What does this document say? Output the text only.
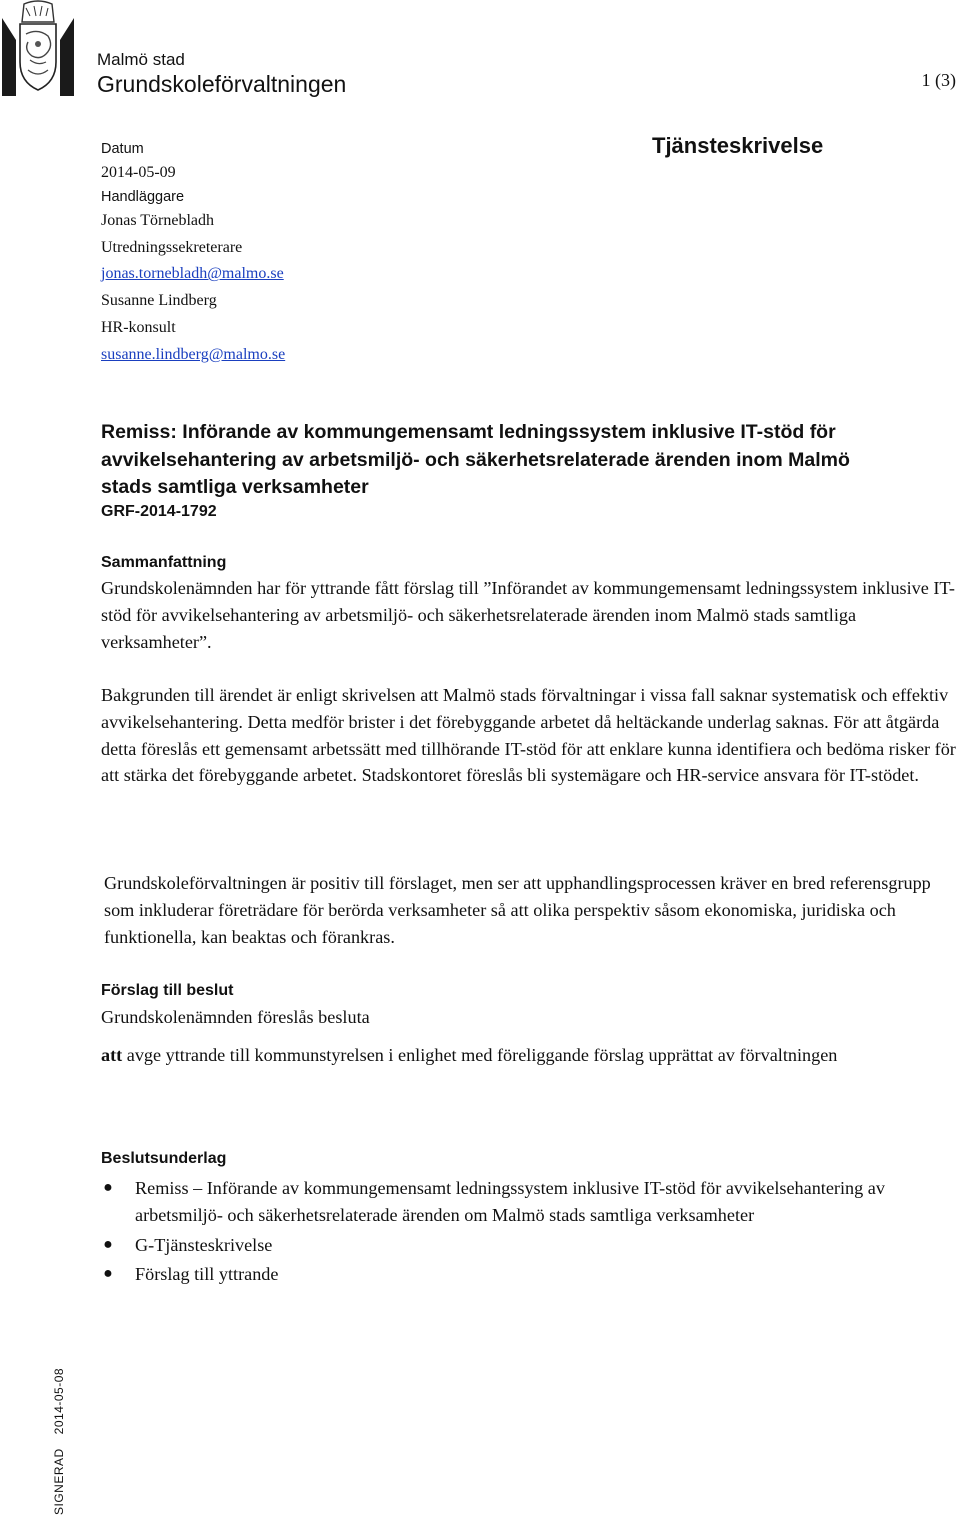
Malmö stad
Grundskoleförvaltningen	1 (3)
Tjänsteskrivelse
Datum
2014-05-09
Handläggare
Jonas Törnebladh
Utredningssekreterare
jonas.tornebladh@malmo.se
Susanne Lindberg
HR-konsult
susanne.lindberg@malmo.se
Remiss: Införande av kommungemensamt ledningssystem inklusive IT-stöd för avvikelsehantering av arbetsmiljö- och säkerhetsrelaterade ärenden inom Malmö stads samtliga verksamheter
GRF-2014-1792
Sammanfattning
Grundskolenämnden har för yttrande fått förslag till ”Införandet av kommungemensamt ledningssystem inklusive IT-stöd för avvikelsehantering av arbetsmiljö- och säkerhetsrelaterade ärenden inom Malmö stads samtliga verksamheter”.
Bakgrunden till ärendet är enligt skrivelsen att Malmö stads förvaltningar i vissa fall saknar systematisk och effektiv avvikelsehantering. Detta medför brister i det förebyggande arbetet då heltäckande underlag saknas. För att åtgärda detta föreslås ett gemensamt arbetssätt med tillhörande IT-stöd för att enklare kunna identifiera och bedöma risker för att stärka det förebyggande arbetet. Stadskontoret föreslås bli systemägare och HR-service ansvara för IT-stödet.
Grundskoleförvaltningen är positiv till förslaget, men ser att upphandlingsprocessen kräver en bred referensgrupp som inkluderar företrädare för berörda verksamheter så att olika perspektiv såsom ekonomiska, juridiska och funktionella, kan beaktas och förankras.
Förslag till beslut
Grundskolenämnden föreslås besluta
att avge yttrande till kommunstyrelsen i enlighet med föreliggande förslag upprättat av förvaltningen
Beslutsunderlag
● Remiss – Införande av kommungemensamt ledningssystem inklusive IT-stöd för avvikelsehantering av arbetsmiljö- och säkerhetsrelaterade ärenden om Malmö stads samtliga verksamheter
● G-Tjänsteskrivelse
● Förslag till yttrande
SIGNERAD2014-05-08
